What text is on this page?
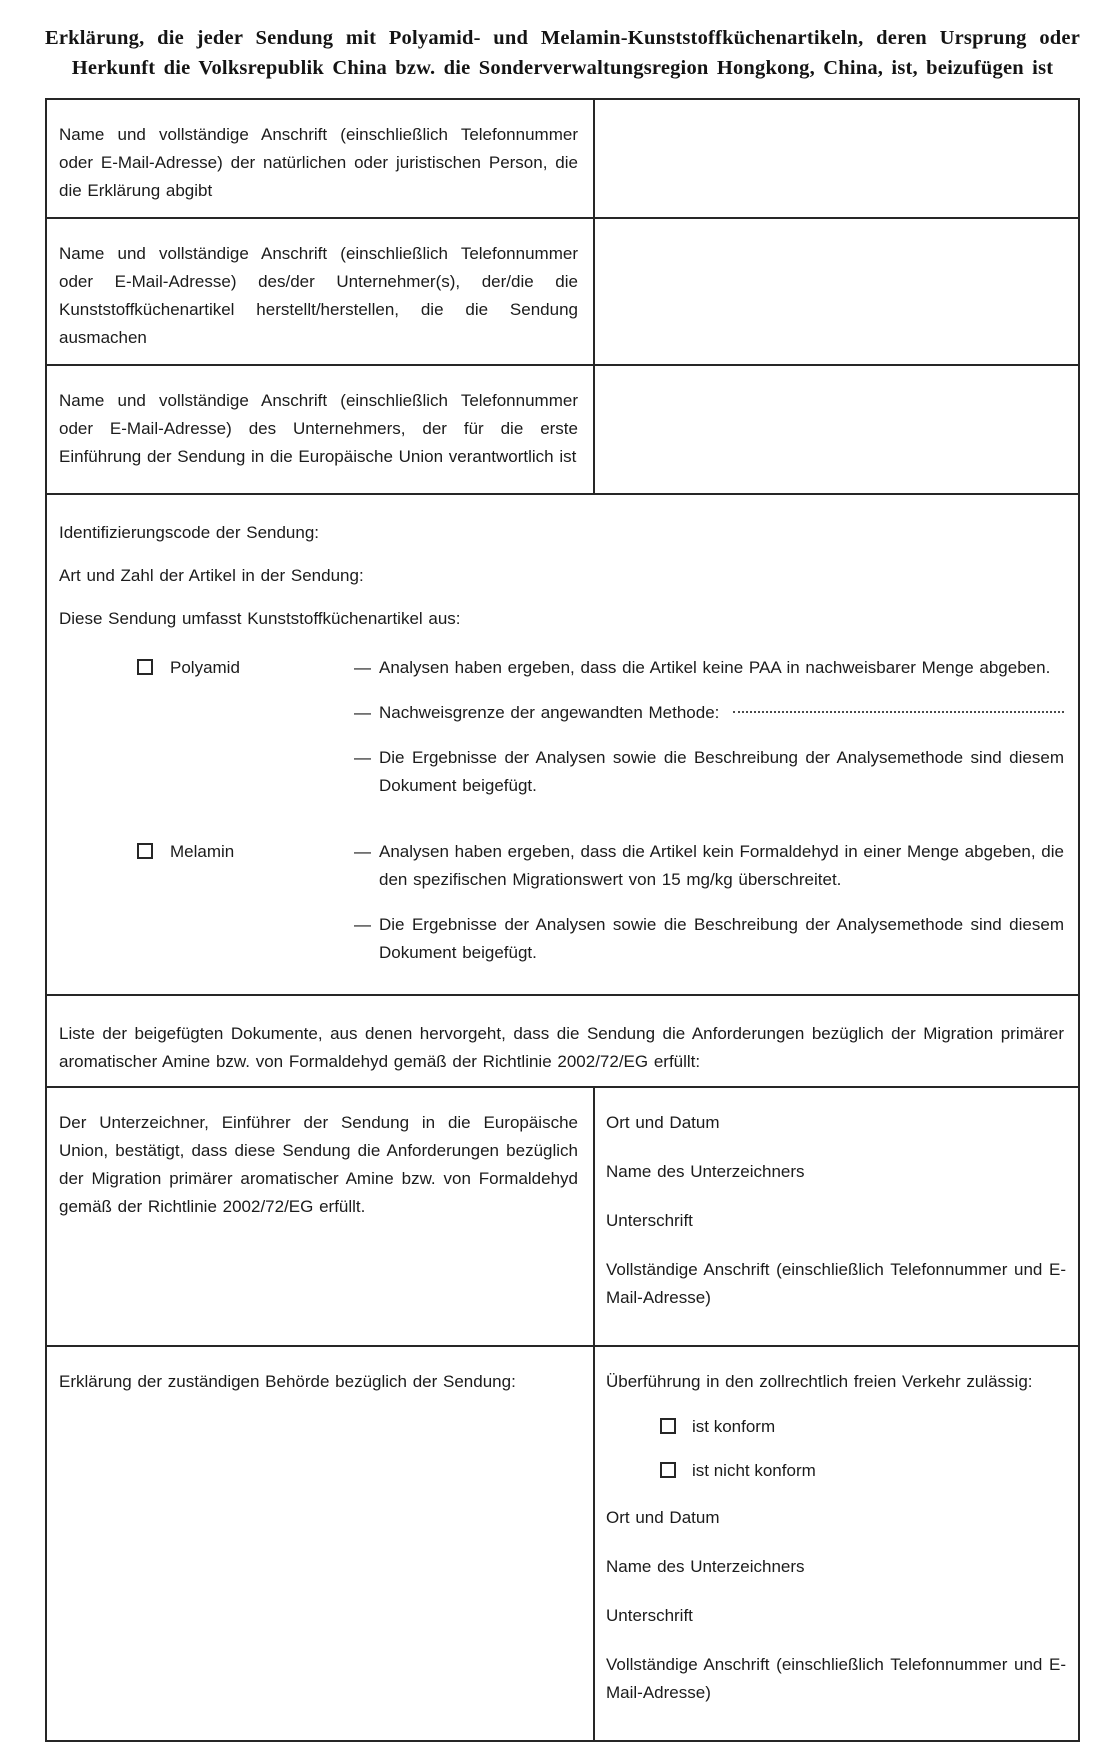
Erklärung, die jeder Sendung mit Polyamid- und Melamin-Kunststoffküchenartikeln, deren Ursprung oder Herkunft die Volksrepublik China bzw. die Sonderverwaltungsregion Hongkong, China, ist, beizufügen ist
Name und vollständige Anschrift (einschließlich Telefonnummer oder E-Mail-Adresse) der natürlichen oder juristischen Person, die die Erklärung abgibt
Name und vollständige Anschrift (einschließlich Telefonnummer oder E-Mail-Adresse) des/der Unternehmer(s), der/die die Kunststoffküchenartikel herstellt/herstellen, die die Sendung ausmachen
Name und vollständige Anschrift (einschließlich Telefonnummer oder E-Mail-Adresse) des Unternehmers, der für die erste Einführung der Sendung in die Europäische Union verantwortlich ist
Identifizierungscode der Sendung:
Art und Zahl der Artikel in der Sendung:
Diese Sendung umfasst Kunststoffküchenartikel aus:
Polyamid	— Analysen haben ergeben, dass die Artikel keine PAA in nachweisbarer Menge abgeben.
— Nachweisgrenze der angewandten Methode:
— Die Ergebnisse der Analysen sowie die Beschreibung der Analysemethode sind diesem Dokument beigefügt.
Melamin	— Analysen haben ergeben, dass die Artikel kein Formaldehyd in einer Menge abgeben, die den spezifischen Migrationswert von 15 mg/kg überschreitet.
— Die Ergebnisse der Analysen sowie die Beschreibung der Analysemethode sind diesem Dokument beigefügt.
Liste der beigefügten Dokumente, aus denen hervorgeht, dass die Sendung die Anforderungen bezüglich der Migration primärer aromatischer Amine bzw. von Formaldehyd gemäß der Richtlinie 2002/72/EG erfüllt:
Der Unterzeichner, Einführer der Sendung in die Europäische Union, bestätigt, dass diese Sendung die Anforderungen bezüglich der Migration primärer aromatischer Amine bzw. von Formaldehyd gemäß der Richtlinie 2002/72/EG erfüllt.
Ort und Datum
Name des Unterzeichners
Unterschrift
Vollständige Anschrift (einschließlich Telefonnummer und E-Mail-Adresse)
Erklärung der zuständigen Behörde bezüglich der Sendung:	Überführung in den zollrechtlich freien Verkehr zulässig:
ist konform
ist nicht konform
Ort und Datum
Name des Unterzeichners
Unterschrift
Vollständige Anschrift (einschließlich Telefonnummer und E-Mail-Adresse)
